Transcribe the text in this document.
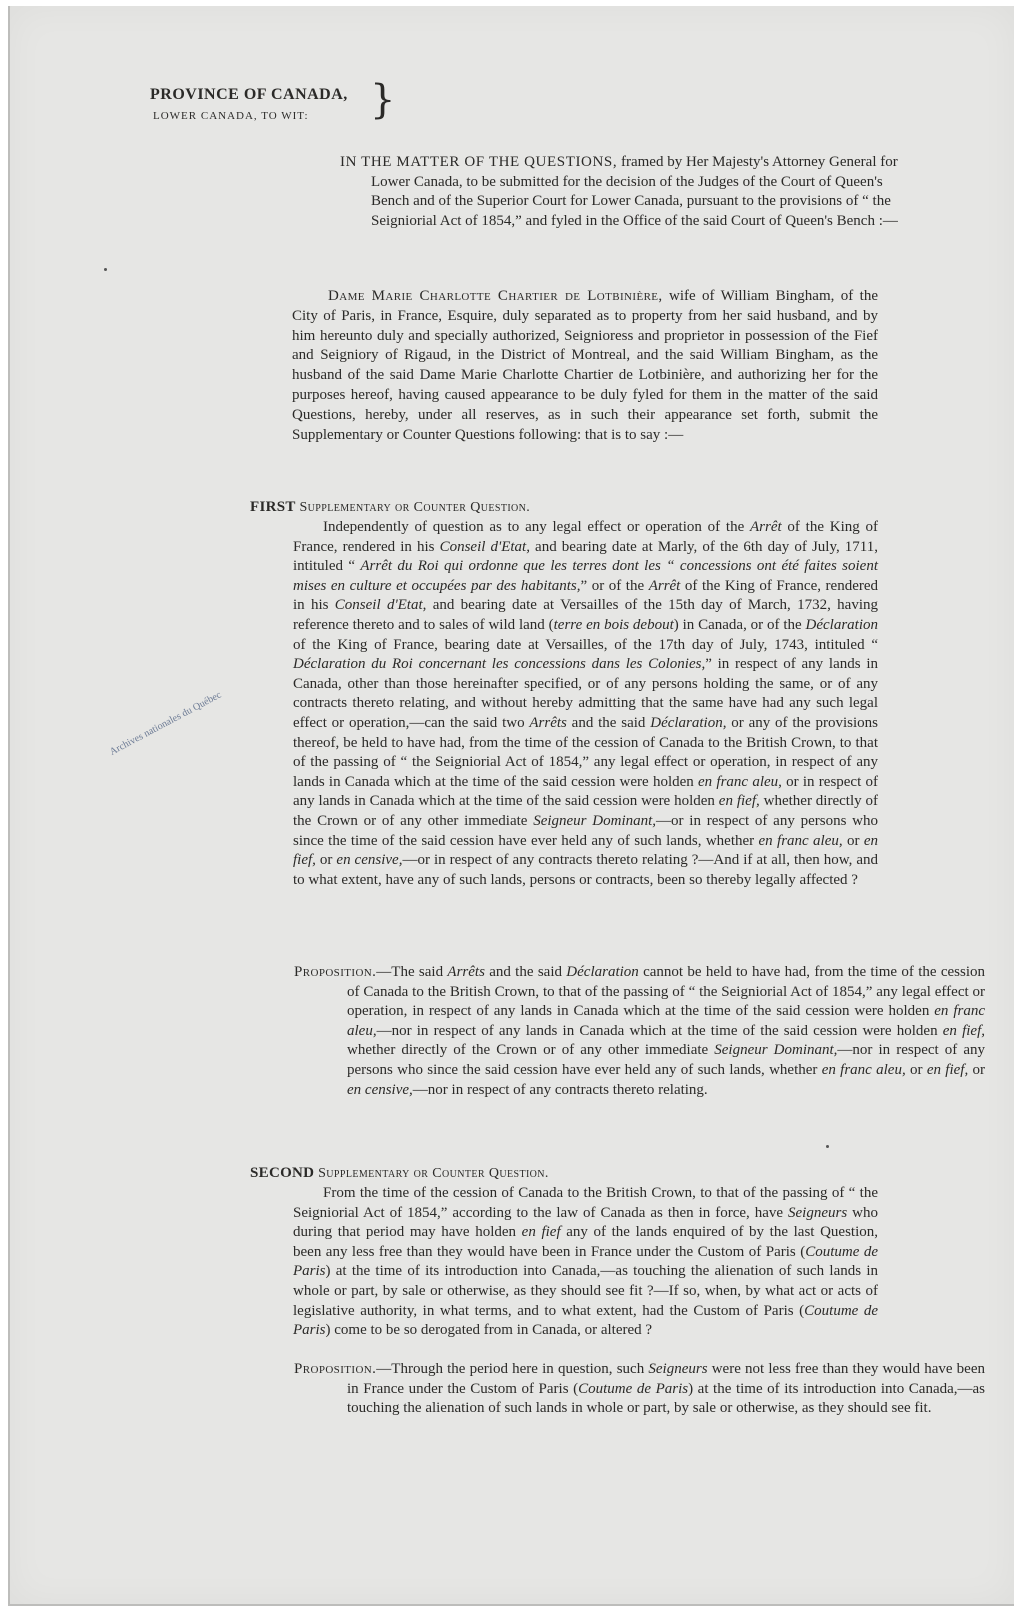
PROVINCE OF CANADA,
LOWER CANADA, TO WIT:	}
IN THE MATTER OF THE QUESTIONS, framed by Her Majesty's Attorney General for Lower Canada, to be submitted for the decision of the Judges of the Court of Queen's Bench and of the Superior Court for Lower Canada, pursuant to the provisions of “ the Seigniorial Act of 1854,” and fyled in the Office of the said Court of Queen's Bench :—
Dame Marie Charlotte Chartier de Lotbinière, wife of William Bingham, of the City of Paris, in France, Esquire, duly separated as to property from her said husband, and by him hereunto duly and specially authorized, Seignioress and proprietor in possession of the Fief and Seigniory of Rigaud, in the District of Montreal, and the said William Bingham, as the husband of the said Dame Marie Charlotte Chartier de Lotbinière, and authorizing her for the purposes hereof, having caused appearance to be duly fyled for them in the matter of the said Questions, hereby, under all reserves, as in such their appearance set forth, submit the Supplementary or Counter Questions following: that is to say :—
FIRST Supplementary or Counter Question.
Independently of question as to any legal effect or operation of the Arrêt of the King of France, rendered in his Conseil d'Etat, and bearing date at Marly, of the 6th day of July, 1711, intituled “ Arrêt du Roi qui ordonne que les terres dont les “ concessions ont été faites soient mises en culture et occupées par des habitants,” or of the Arrêt of the King of France, rendered in his Conseil d'Etat, and bearing date at Versailles of the 15th day of March, 1732, having reference thereto and to sales of wild land (terre en bois debout) in Canada, or of the Déclaration of the King of France, bearing date at Versailles, of the 17th day of July, 1743, intituled “ Déclaration du Roi concernant les concessions dans les Colonies,” in respect of any lands in Canada, other than those hereinafter specified, or of any persons holding the same, or of any contracts thereto relating, and without hereby admitting that the same have had any such legal effect or operation,—can the said two Arrêts and the said Déclaration, or any of the provisions thereof, be held to have had, from the time of the cession of Canada to the British Crown, to that of the passing of “ the Seigniorial Act of 1854,” any legal effect or operation, in respect of any lands in Canada which at the time of the said cession were holden en franc aleu, or in respect of any lands in Canada which at the time of the said cession were holden en fief, whether directly of the Crown or of any other immediate Seigneur Dominant,—or in respect of any persons who since the time of the said cession have ever held any of such lands, whether en franc aleu, or en fief, or en censive,—or in respect of any contracts thereto relating ?—And if at all, then how, and to what extent, have any of such lands, persons or contracts, been so thereby legally affected ?
Proposition.—The said Arrêts and the said Déclaration cannot be held to have had, from the time of the cession of Canada to the British Crown, to that of the passing of “ the Seigniorial Act of 1854,” any legal effect or operation, in respect of any lands in Canada which at the time of the said cession were holden en franc aleu,—nor in respect of any lands in Canada which at the time of the said cession were holden en fief, whether directly of the Crown or of any other immediate Seigneur Dominant,—nor in respect of any persons who since the said cession have ever held any of such lands, whether en franc aleu, or en fief, or en censive,—nor in respect of any contracts thereto relating.
SECOND Supplementary or Counter Question.
From the time of the cession of Canada to the British Crown, to that of the passing of “ the Seigniorial Act of 1854,” according to the law of Canada as then in force, have Seigneurs who during that period may have holden en fief any of the lands enquired of by the last Question, been any less free than they would have been in France under the Custom of Paris (Coutume de Paris) at the time of its introduction into Canada,—as touching the alienation of such lands in whole or part, by sale or otherwise, as they should see fit ?—If so, when, by what act or acts of legislative authority, in what terms, and to what extent, had the Custom of Paris (Coutume de Paris) come to be so derogated from in Canada, or altered ?
Proposition.—Through the period here in question, such Seigneurs were not less free than they would have been in France under the Custom of Paris (Coutume de Paris) at the time of its introduction into Canada,—as touching the alienation of such lands in whole or part, by sale or otherwise, as they should see fit.
Archives nationales du Québec
